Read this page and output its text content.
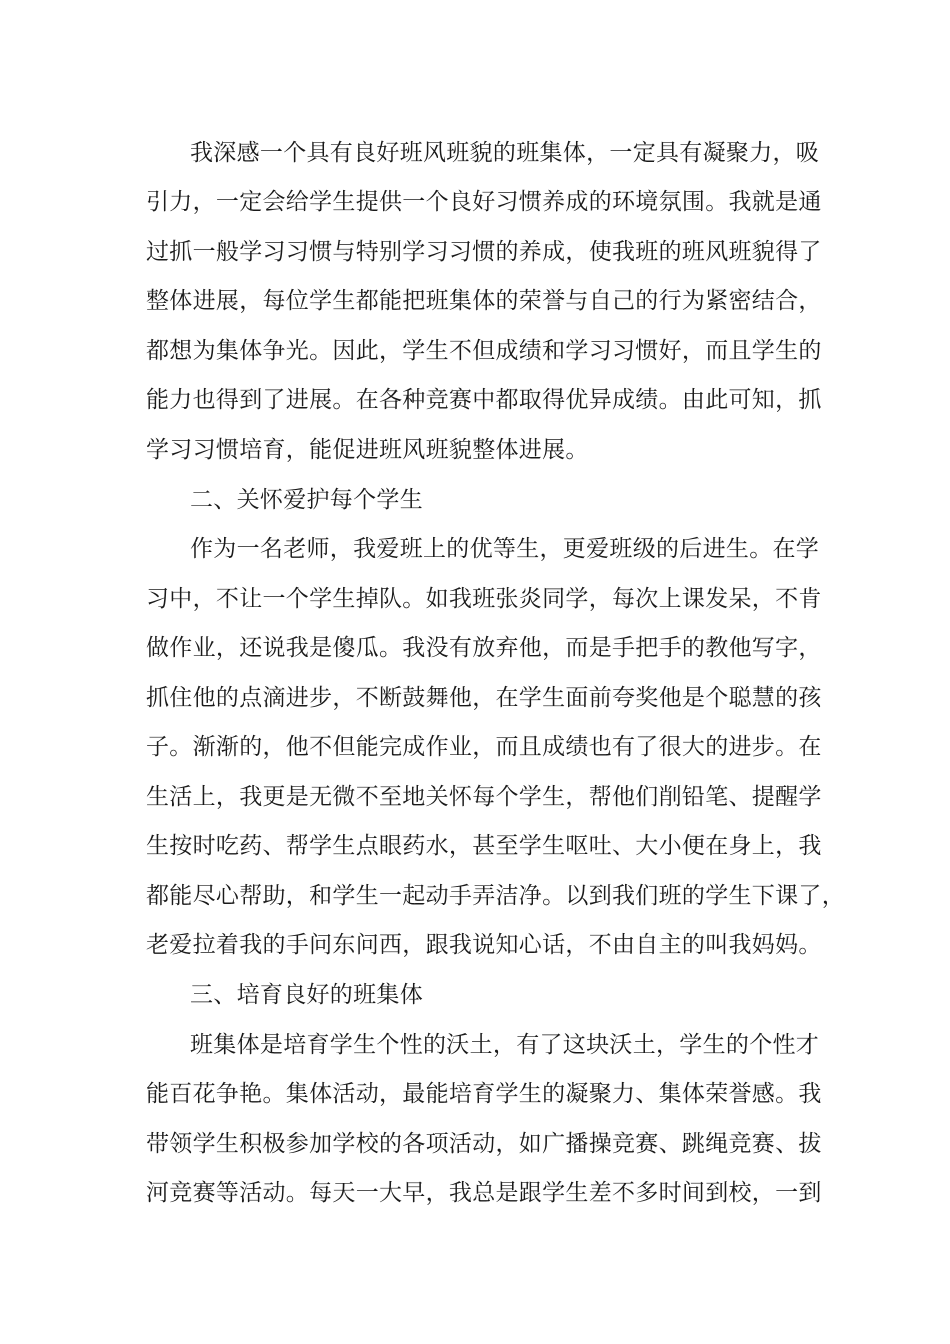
我深感一个具有良好班风班貌的班集体，一定具有凝聚力，吸
引力，一定会给学生提供一个良好习惯养成的环境氛围。我就是通
过抓一般学习习惯与特别学习习惯的养成，使我班的班风班貌得了
整体进展，每位学生都能把班集体的荣誉与自己的行为紧密结合，
都想为集体争光。因此，学生不但成绩和学习习惯好，而且学生的
能力也得到了进展。在各种竞赛中都取得优异成绩。由此可知，抓
学习习惯培育，能促进班风班貌整体进展。
二、关怀爱护每个学生
作为一名老师，我爱班上的优等生，更爱班级的后进生。在学
习中，不让一个学生掉队。如我班张炎同学，每次上课发呆，不肯
做作业，还说我是傻瓜。我没有放弃他，而是手把手的教他写字，
抓住他的点滴进步，不断鼓舞他，在学生面前夸奖他是个聪慧的孩
子。渐渐的，他不但能完成作业，而且成绩也有了很大的进步。在
生活上，我更是无微不至地关怀每个学生，帮他们削铅笔、提醒学
生按时吃药、帮学生点眼药水，甚至学生呕吐、大小便在身上，我
都能尽心帮助，和学生一起动手弄洁净。以到我们班的学生下课了，
老爱拉着我的手问东问西，跟我说知心话，不由自主的叫我妈妈。
三、培育良好的班集体
班集体是培育学生个性的沃土，有了这块沃土，学生的个性才
能百花争艳。集体活动，最能培育学生的凝聚力、集体荣誉感。我
带领学生积极参加学校的各项活动，如广播操竞赛、跳绳竞赛、拔
河竞赛等活动。每天一大早，我总是跟学生差不多时间到校，一到
